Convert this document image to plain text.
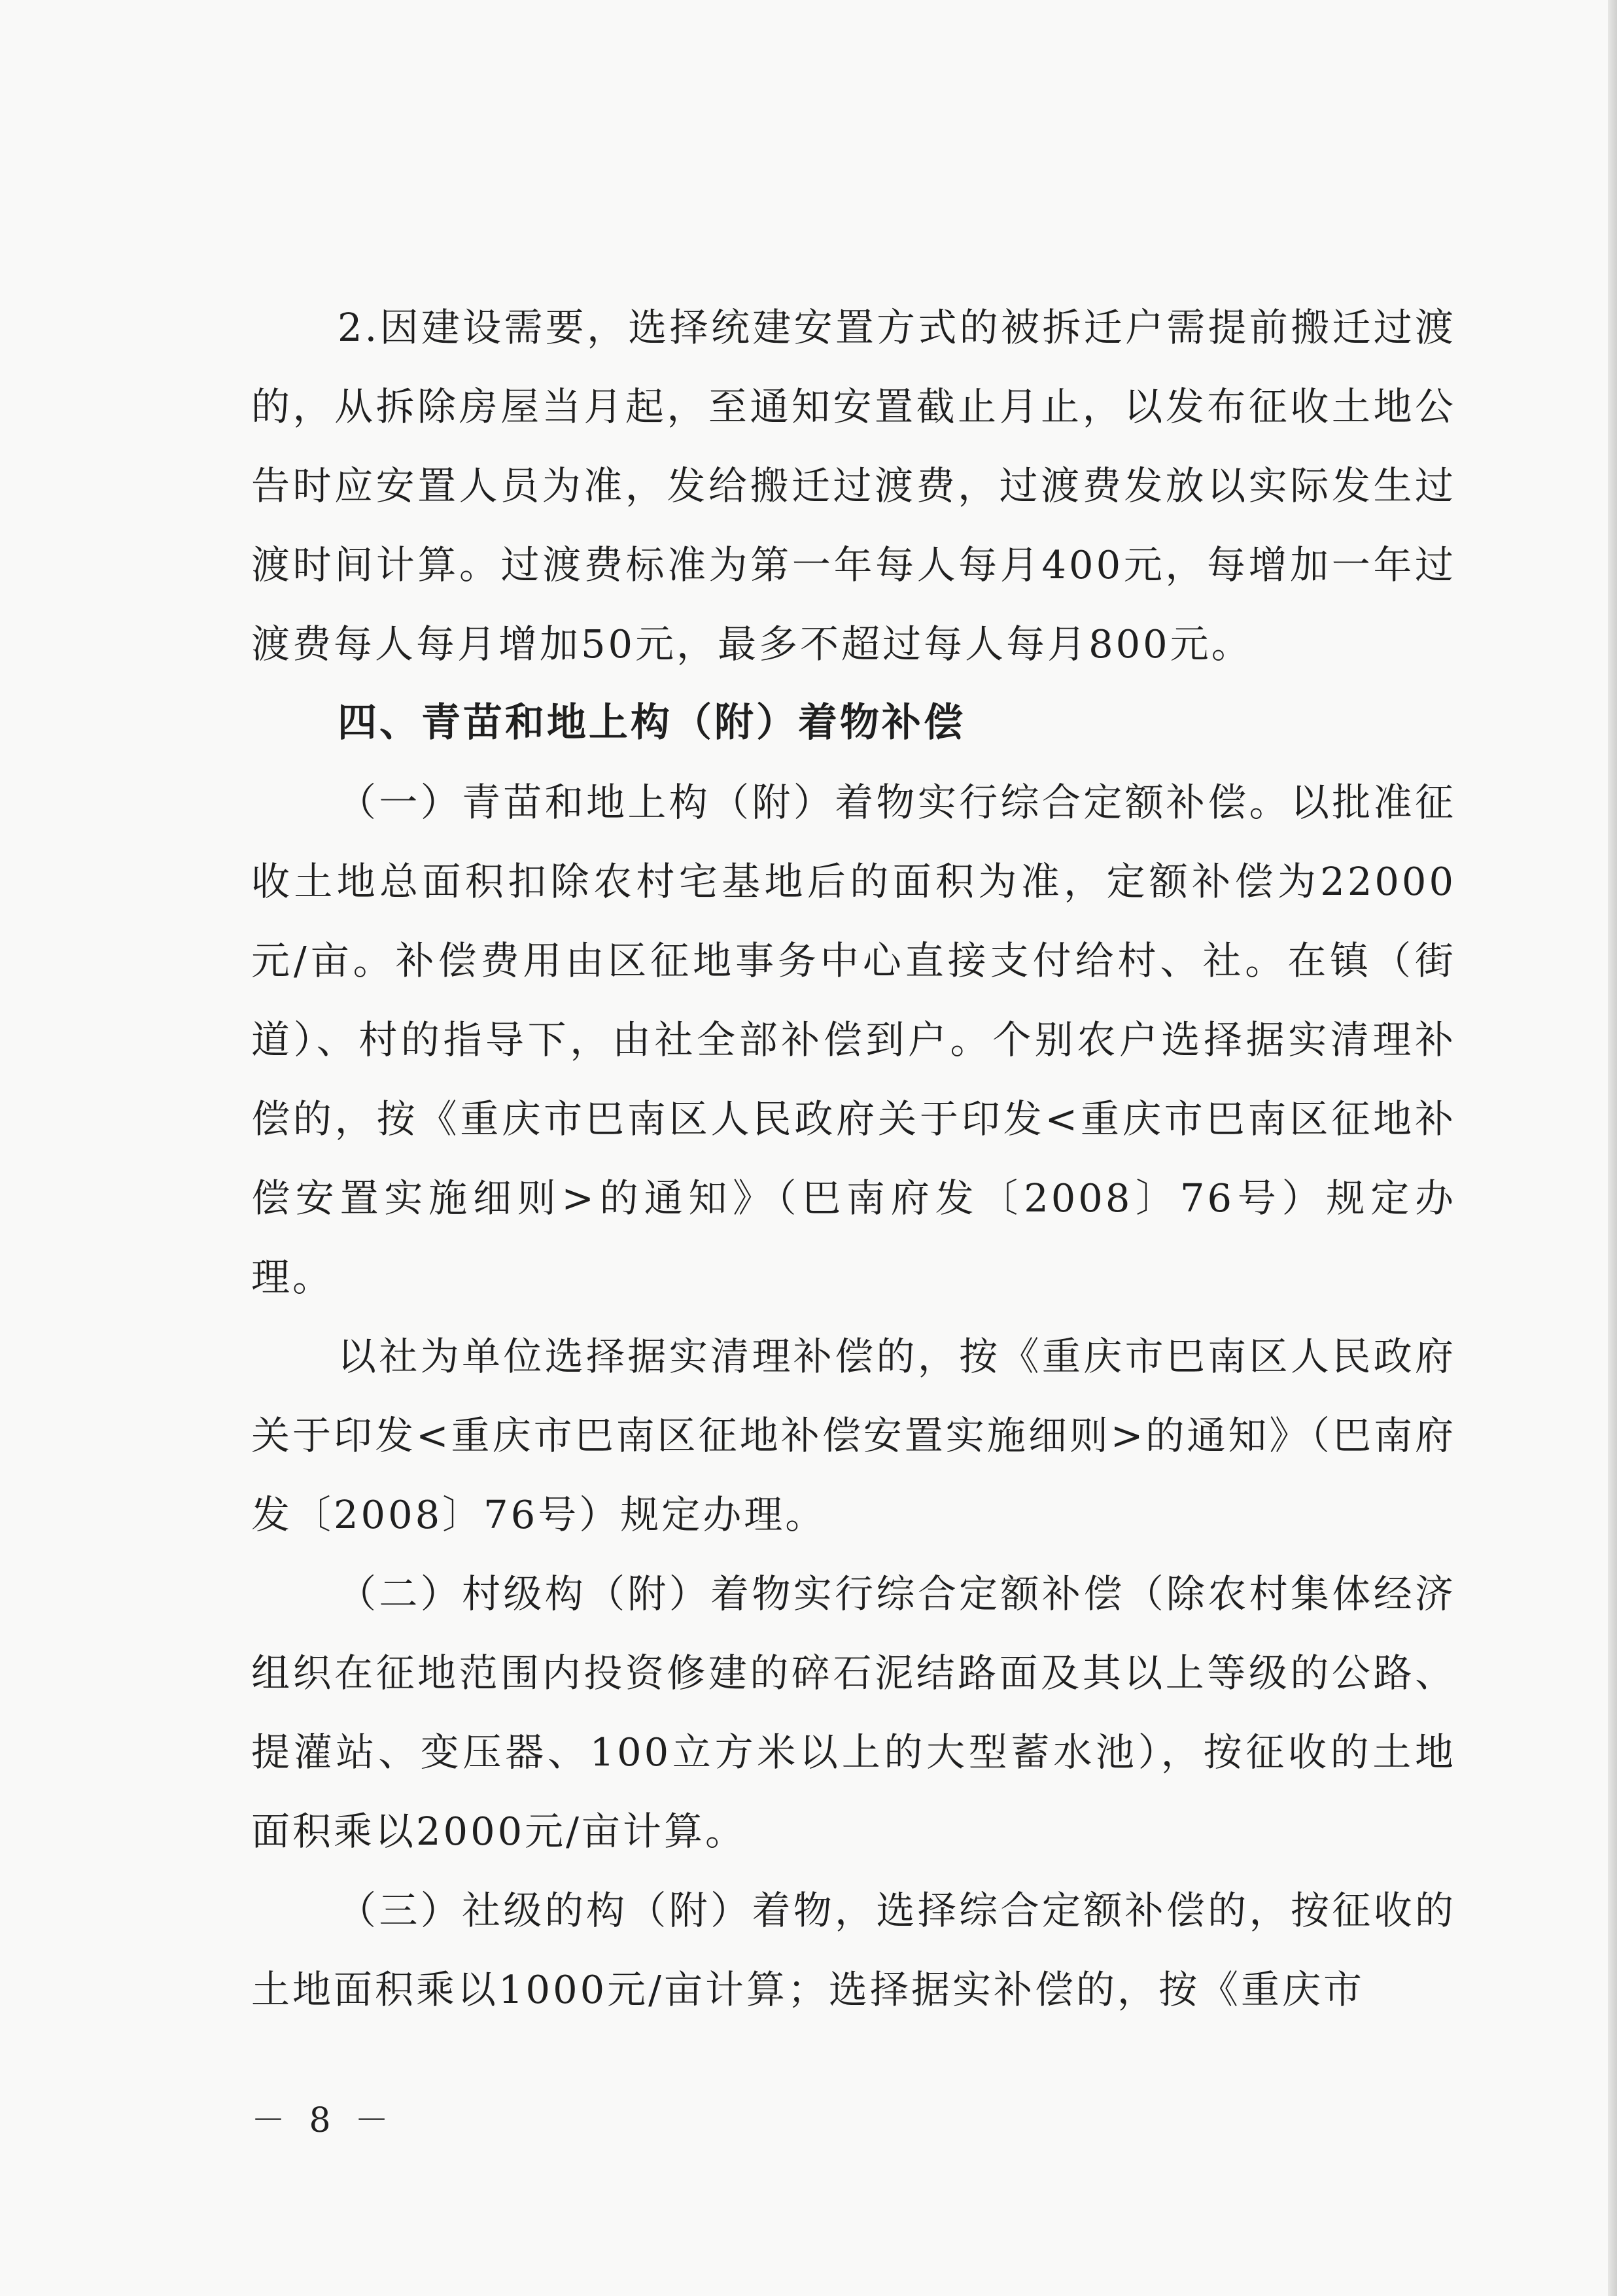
2.因建设需要，选择统建安置方式的被拆迁户需提前搬迁过渡的，从拆除房屋当月起，至通知安置截止月止，以发布征收土地公告时应安置人员为准，发给搬迁过渡费，过渡费发放以实际发生过渡时间计算。过渡费标准为第一年每人每月400元，每增加一年过渡费每人每月增加50元，最多不超过每人每月800元。

四、青苗和地上构（附）着物补偿

（一）青苗和地上构（附）着物实行综合定额补偿。以批准征收土地总面积扣除农村宅基地后的面积为准，定额补偿为22000元/亩。补偿费用由区征地事务中心直接支付给村、社。在镇（街道）、村的指导下，由社全部补偿到户。个别农户选择据实清理补偿的，按《重庆市巴南区人民政府关于印发<重庆市巴南区征地补偿安置实施细则>的通知》（巴南府发〔2008〕76号）规定办理。

以社为单位选择据实清理补偿的，按《重庆市巴南区人民政府关于印发<重庆市巴南区征地补偿安置实施细则>的通知》（巴南府发〔2008〕76号）规定办理。

（二）村级构（附）着物实行综合定额补偿（除农村集体经济组织在征地范围内投资修建的碎石泥结路面及其以上等级的公路、提灌站、变压器、100立方米以上的大型蓄水池），按征收的土地面积乘以2000元/亩计算。

（三）社级的构（附）着物，选择综合定额补偿的，按征收的土地面积乘以1000元/亩计算；选择据实补偿的，按《重庆市

－ 8 －
